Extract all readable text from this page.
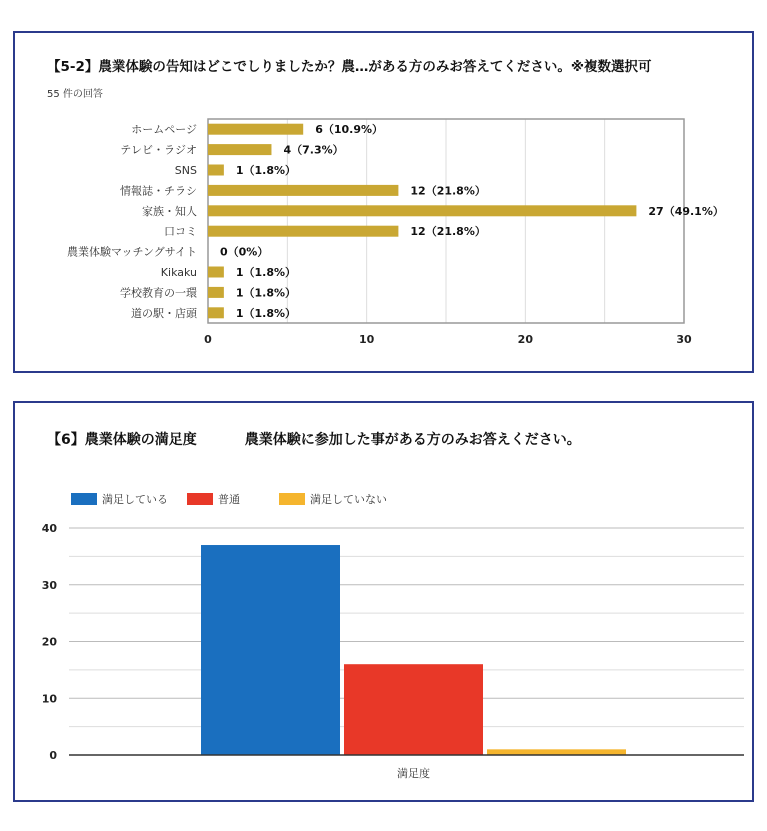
【5-2】農業体験の告知はどこでしりましたか？農…がある方のみお答えてください。※複数選択可
55 件の回答
ホームページ	6（10.9%）
テレビ・ラジオ	4（7.3%）
SNS	1（1.8%）
情報誌・チラシ	12（21.8%）
家族・知人	27（49.1%）
口コミ	12（21.8%）
農業体験マッチングサイト 0（0%）
Kikaku	1（1.8%）
学校教育の一環	1（1.8%）
道の駅・店頭	1（1.8%）
0	10	20	30
【6】農業体験の満足度	農業体験に参加した事がある方のみお答えください。
満足している	普通	満足していない
0
10
20
30
40
満足度
